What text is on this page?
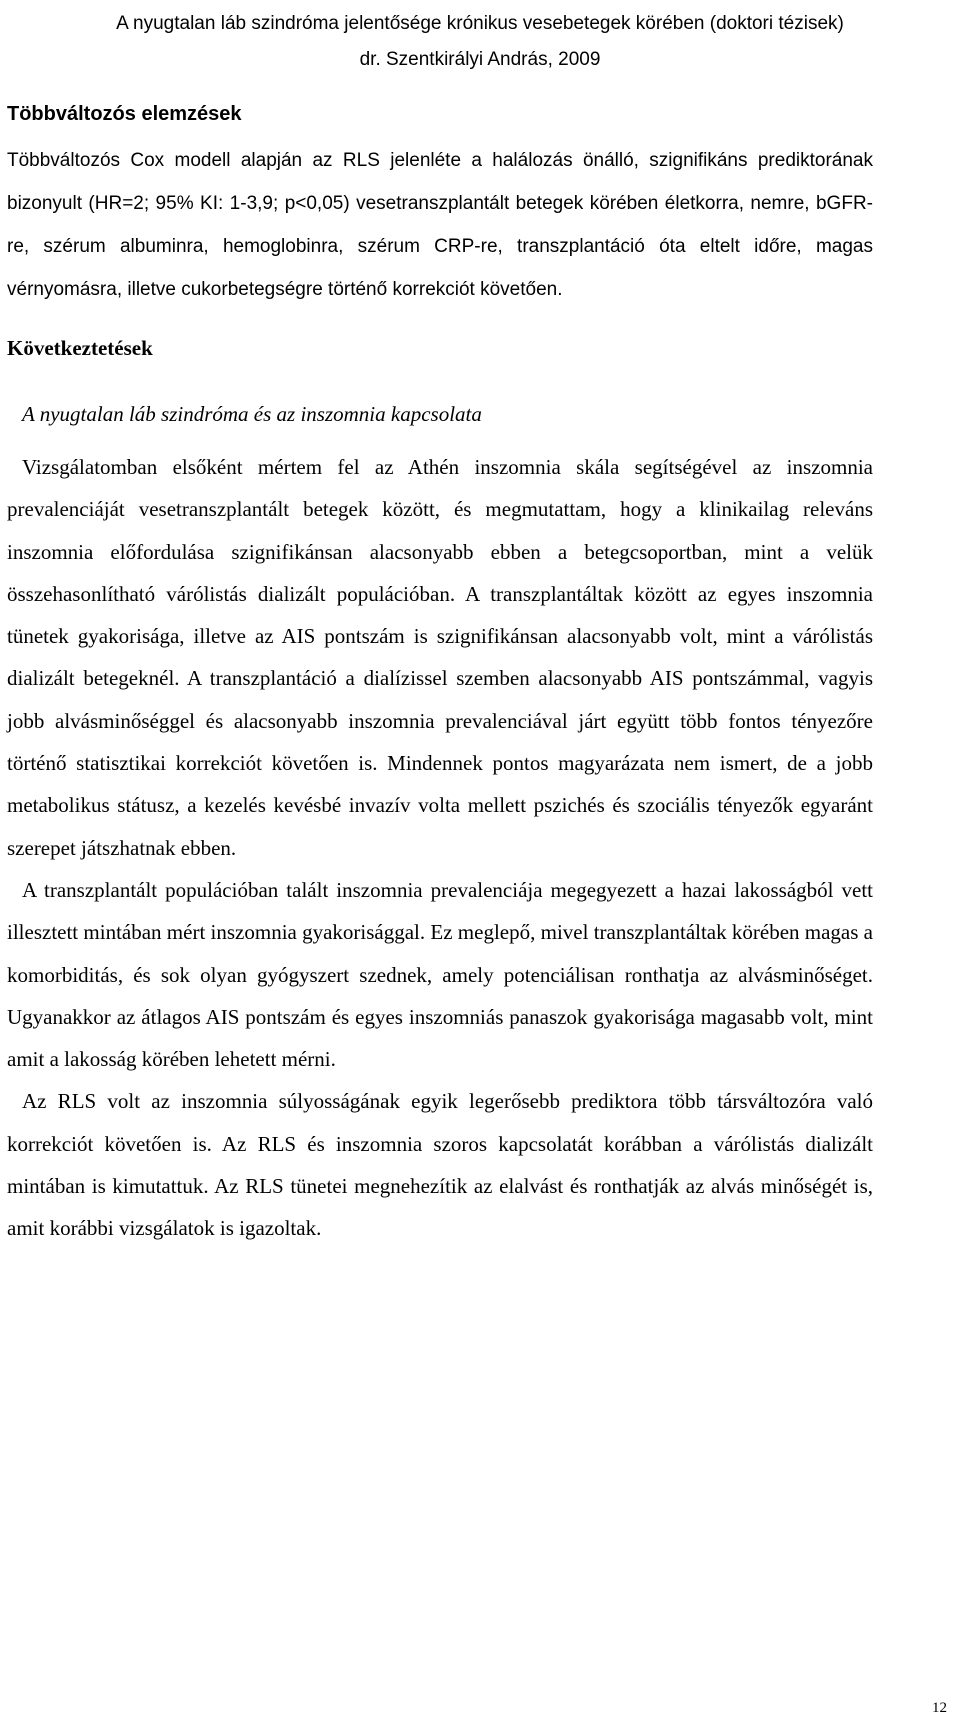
A nyugtalan láb szindróma jelentősége krónikus vesebetegek körében (doktori tézisek)
dr. Szentkirályi András, 2009
Többváltozós elemzések

Többváltozós Cox modell alapján az RLS jelenléte a halálozás önálló, szignifikáns prediktorának bizonyult (HR=2; 95% KI: 1-3,9; p<0,05) vesetranszplantált betegek körében életkorra, nemre, bGFR-re, szérum albuminra, hemoglobinra, szérum CRP-re, transzplantáció óta eltelt időre, magas vérnyomásra, illetve cukorbetegségre történő korrekciót követően.

Következtetések
A nyugtalan láb szindróma és az inszomnia kapcsolata

Vizsgálatomban elsőként mértem fel az Athén inszomnia skála segítségével az inszomnia prevalenciáját vesetranszplantált betegek között, és megmutattam, hogy a klinikailag releváns inszomnia előfordulása szignifikánsan alacsonyabb ebben a betegcsoportban, mint a velük összehasonlítható várólistás dializált populációban. A transzplantáltak között az egyes inszomnia tünetek gyakorisága, illetve az AIS pontszám is szignifikánsan alacsonyabb volt, mint a várólistás dializált betegeknél. A transzplantáció a dialízissel szemben alacsonyabb AIS pontszámmal, vagyis jobb alvásminőséggel és alacsonyabb inszomnia prevalenciával járt együtt több fontos tényezőre történő statisztikai korrekciót követően is. Mindennek pontos magyarázata nem ismert, de a jobb metabolikus státusz, a kezelés kevésbé invazív volta mellett pszichés és szociális tényezők egyaránt szerepet játszhatnak ebben.

A transzplantált populációban talált inszomnia prevalenciája megegyezett a hazai lakosságból vett illesztett mintában mért inszomnia gyakorisággal. Ez meglepő, mivel transzplantáltak körében magas a komorbiditás, és sok olyan gyógyszert szednek, amely potenciálisan ronthatja az alvásminőséget. Ugyanakkor az átlagos AIS pontszám és egyes inszomniás panaszok gyakorisága magasabb volt, mint amit a lakosság körében lehetett mérni.

Az RLS volt az inszomnia súlyosságának egyik legerősebb prediktora több társváltozóra való korrekciót követően is. Az RLS és inszomnia szoros kapcsolatát korábban a várólistás dializált mintában is kimutattuk. Az RLS tünetei megnehezítik az elalvást és ronthatják az alvás minőségét is, amit korábbi vizsgálatok is igazoltak.

12
